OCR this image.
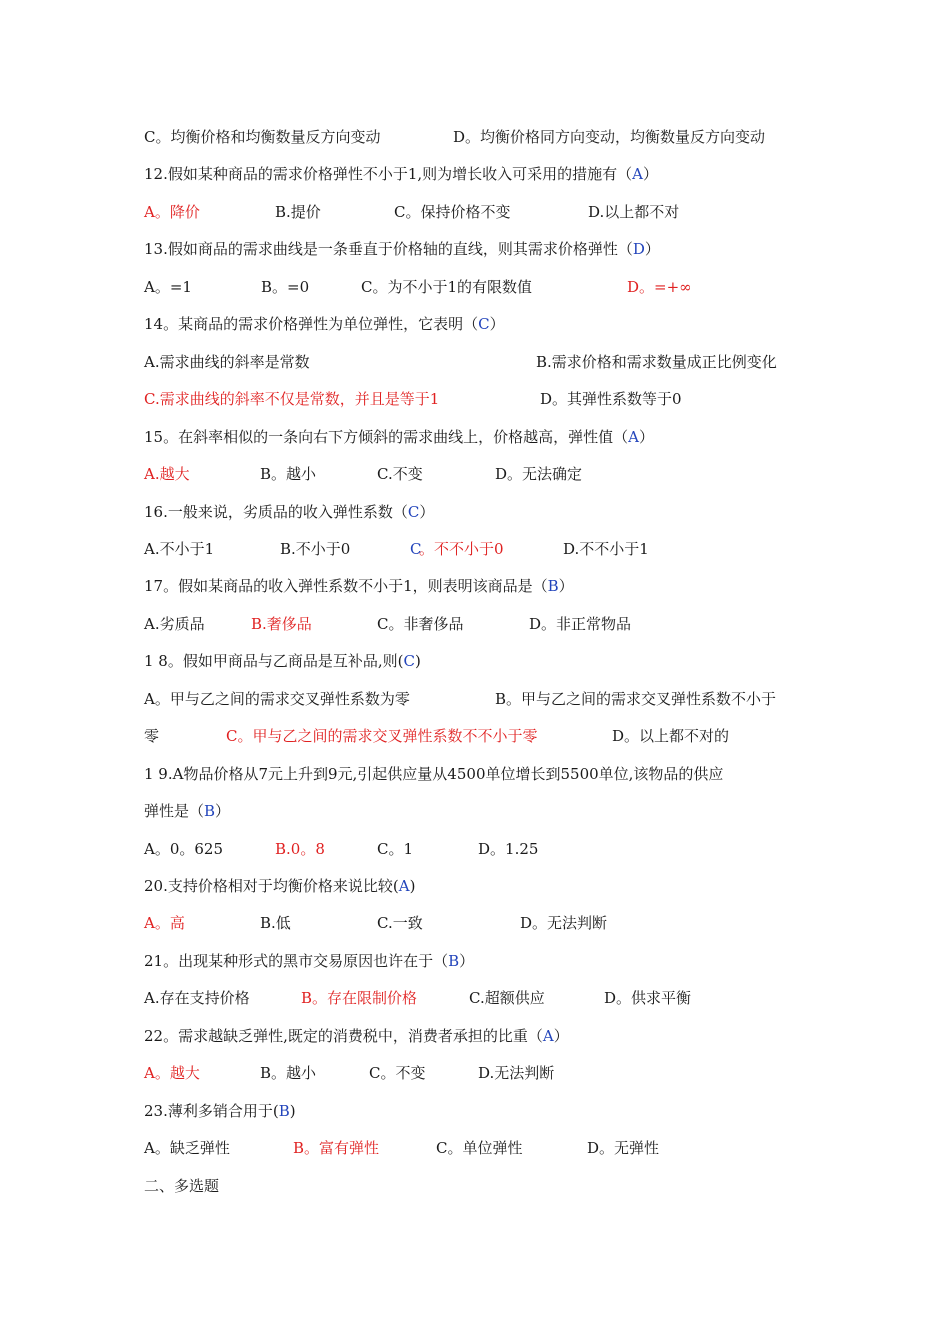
C。均衡价格和均衡数量反方向变动	D。均衡价格同方向变动，均衡数量反方向变动
12.假如某种商品的需求价格弹性不小于1,则为增长收入可采用的措施有（A）
A。降价	B.提价	C。保持价格不变	D.以上都不对
13.假如商品的需求曲线是一条垂直于价格轴的直线，则其需求价格弹性（D）
A。=1	B。=0	C。为不小于1的有限数值	D。=+∞
14。某商品的需求价格弹性为单位弹性，它表明（C）
A.需求曲线的斜率是常数	B.需求价格和需求数量成正比例变化
C.需求曲线的斜率不仅是常数，并且是等于1	D。其弹性系数等于0
15。在斜率相似的一条向右下方倾斜的需求曲线上，价格越高，弹性值（A）
A.越大	B。越小	C.不变	D。无法确定
16.一般来说，劣质品的收入弹性系数（C）
A.不小于1	B.不小于0	C
。不不小于0	D.不不小于1
17。假如某商品的收入弹性系数不小于1，则表明该商品是（B）
A.劣质品	B.奢侈品	C。非奢侈品	D。非正常物品
1 8。假如甲商品与乙商品是互补品,则(C)
A。甲与乙之间的需求交叉弹性系数为零	B。甲与乙之间的需求交叉弹性系数不小于
零	C。甲与乙之间的需求交叉弹性系数不不小于零	D。以上都不对的
1 9.A物品价格从7元上升到9元,引起供应量从4500单位增长到5500单位,该物品的供应
弹性是（B）
A。0。625	B.0。8	C。1	D。1.25
20.支持价格相对于均衡价格来说比较(A)
A。高	B.低	C.一致	D。无法判断
21。出现某种形式的黑市交易原因也许在于（B）
A.存在支持价格	B。存在限制价格	C.超额供应	D。供求平衡
22。需求越缺乏弹性,既定的消费税中，消费者承担的比重（A）
A。越大	B。越小	C。不变	D.无法判断
23.薄利多销合用于(B)
A。缺乏弹性	B。富有弹性	C。单位弹性	D。无弹性
二、多选题
